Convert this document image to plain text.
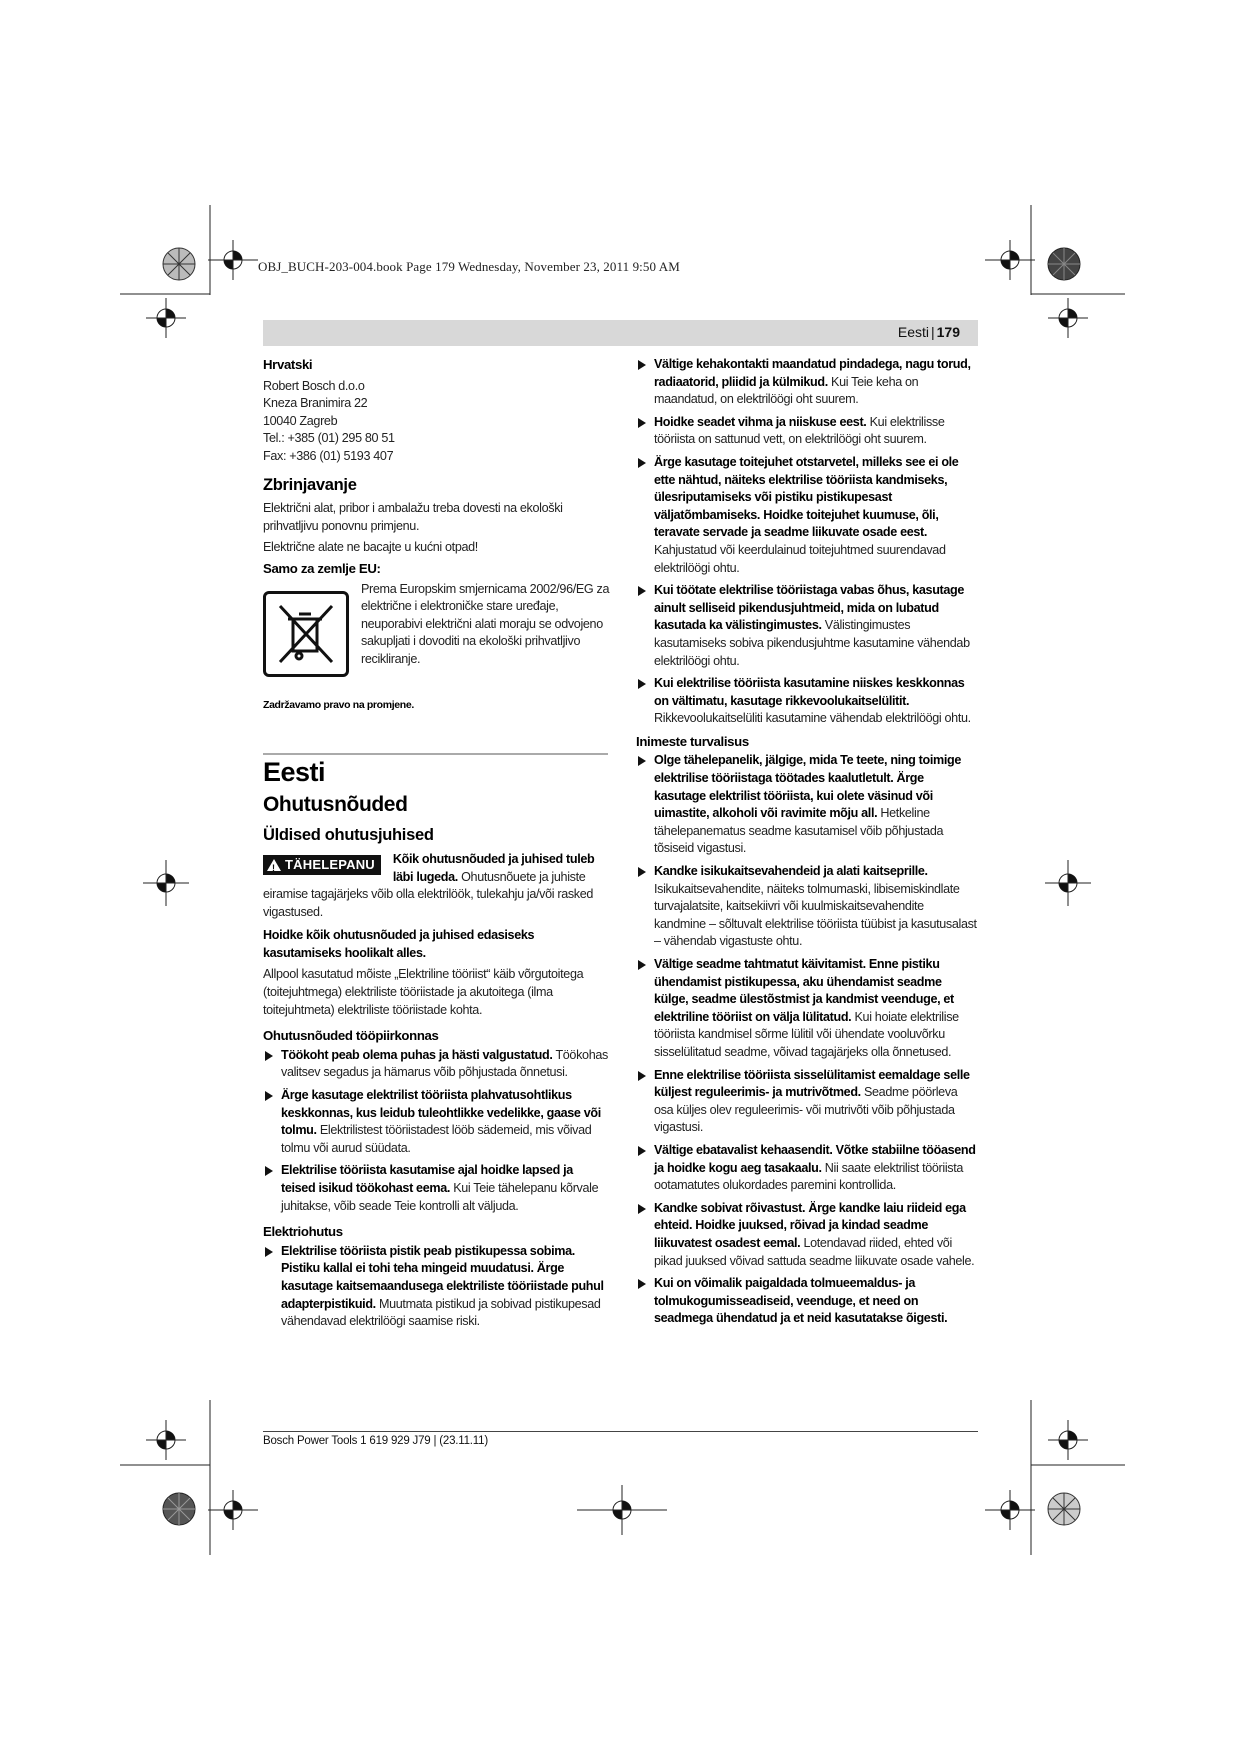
OBJ_BUCH-203-004.book Page 179 Wednesday, November 23, 2011 9:50 AM
Eesti | 179

Hrvatski

Robert Bosch d.o.o
Kneza Branimira 22
10040 Zagreb
Tel.: +385 (01) 295 80 51
Fax: +386 (01) 5193 407

Zbrinjavanje

Električni alat, pribor i ambalažu treba dovesti na ekološki prihvatljivu ponovnu primjenu.

Električne alate ne bacajte u kućni otpad!

Samo za zemlje EU:

Prema Europskim smjernicama 2002/96/EG za električne i elektroničke stare uređaje, neuporabivi električni alati moraju se odvojeno sakupljati i dovoditi na ekološki prihvatljivo recikliranje.

Zadržavamo pravo na promjene.

Eesti

Ohutusnõuded

Üldised ohutusjuhised

!
TÄHELEPANU Kõik ohutusnõuded ja juhised tuleb läbi lugeda. Ohutusnõuete ja juhiste eiramise tagajärjeks võib olla elektrilöök, tulekahju ja/või rasked vigastused.

Hoidke kõik ohutusnõuded ja juhised edasiseks kasutamiseks hoolikalt alles.

Allpool kasutatud mõiste „Elektriline tööriist“ käib võrgutoitega (toitejuhtmega) elektriliste tööriistade ja akutoitega (ilma toitejuhtmeta) elektriliste tööriistade kohta.

Ohutusnõuded tööpiirkonnas

Töökoht peab olema puhas ja hästi valgustatud. Töökohas valitsev segadus ja hämarus võib põhjustada õnnetusi.
Ärge kasutage elektrilist tööriista plahvatusohtlikus keskkonnas, kus leidub tuleohtlikke vedelikke, gaase või tolmu. Elektrilistest tööriistadest lööb sädemeid, mis võivad tolmu või aurud süüdata.
Elektrilise tööriista kasutamise ajal hoidke lapsed ja teised isikud töökohast eema. Kui Teie tähelepanu kõrvale juhitakse, võib seade Teie kontrolli alt väljuda.

Elektriohutus

Elektrilise tööriista pistik peab pistikupessa sobima. Pistiku kallal ei tohi teha mingeid muudatusi. Ärge kasutage kaitsemaandusega elektriliste tööriistade puhul adapterpistikuid. Muutmata pistikud ja sobivad pistikupesad vähendavad elektrilöögi saamise riski.
Vältige kehakontakti maandatud pindadega, nagu torud, radiaatorid, pliidid ja külmikud. Kui Teie keha on maandatud, on elektrilöögi oht suurem.
Hoidke seadet vihma ja niiskuse eest. Kui elektrilisse tööriista on sattunud vett, on elektrilöögi oht suurem.
Ärge kasutage toitejuhet otstarvetel, milleks see ei ole ette nähtud, näiteks elektrilise tööriista kandmiseks, ülesriputamiseks või pistiku pistikupesast väljatõmbamiseks. Hoidke toitejuhet kuumuse, õli, teravate servade ja seadme liikuvate osade eest. Kahjustatud või keerdulainud toitejuhtmed suurendavad elektrilöögi ohtu.
Kui töötate elektrilise tööriistaga vabas õhus, kasutage ainult selliseid pikendusjuhtmeid, mida on lubatud kasutada ka välistingimustes. Välistingimustes kasutamiseks sobiva pikendusjuhtme kasutamine vähendab elektrilöögi ohtu.
Kui elektrilise tööriista kasutamine niiskes keskkonnas on vältimatu, kasutage rikkevoolukaitselülitit. Rikkevoolukaitselüliti kasutamine vähendab elektrilöögi ohtu.

Inimeste turvalisus

Olge tähelepanelik, jälgige, mida Te teete, ning toimige elektrilise tööriistaga töötades kaalutletult. Ärge kasutage elektrilist tööriista, kui olete väsinud või uimastite, alkoholi või ravimite mõju all. Hetkeline tähelepanematus seadme kasutamisel võib põhjustada tõsiseid vigastusi.
Kandke isikukaitsevahendeid ja alati kaitseprille. Isikukaitsevahendite, näiteks tolmumaski, libisemiskindlate turvajalatsite, kaitsekiivri või kuulmiskaitsevahendite kandmine – sõltuvalt elektrilise tööriista tüübist ja kasutusalast – vähendab vigastuste ohtu.
Vältige seadme tahtmatut käivitamist. Enne pistiku ühendamist pistikupessa, aku ühendamist seadme külge, seadme ülestõstmist ja kandmist veenduge, et elektriline tööriist on välja lülitatud. Kui hoiate elektrilise tööriista kandmisel sõrme lülitil või ühendate vooluvõrku sisselülitatud seadme, võivad tagajärjeks olla õnnetused.
Enne elektrilise tööriista sisselülitamist eemaldage selle küljest reguleerimis- ja mutrivõtmed. Seadme pöörleva osa küljes olev reguleerimis- või mutrivõti võib põhjustada vigastusi.
Vältige ebatavalist kehaasendit. Võtke stabiilne tööasend ja hoidke kogu aeg tasakaalu. Nii saate elektrilist tööriista ootamatutes olukordades paremini kontrollida.
Kandke sobivat rõivastust. Ärge kandke laiu riideid ega ehteid. Hoidke juuksed, rõivad ja kindad seadme liikuvatest osadest eemal. Lotendavad riided, ehted või pikad juuksed võivad sattuda seadme liikuvate osade vahele.
Kui on võimalik paigaldada tolmueemaldus- ja tolmukogumisseadiseid, veenduge, et need on seadmega ühendatud ja et neid kasutatakse õigesti.
Bosch Power Tools 1 619 929 J79 | (23.11.11)
